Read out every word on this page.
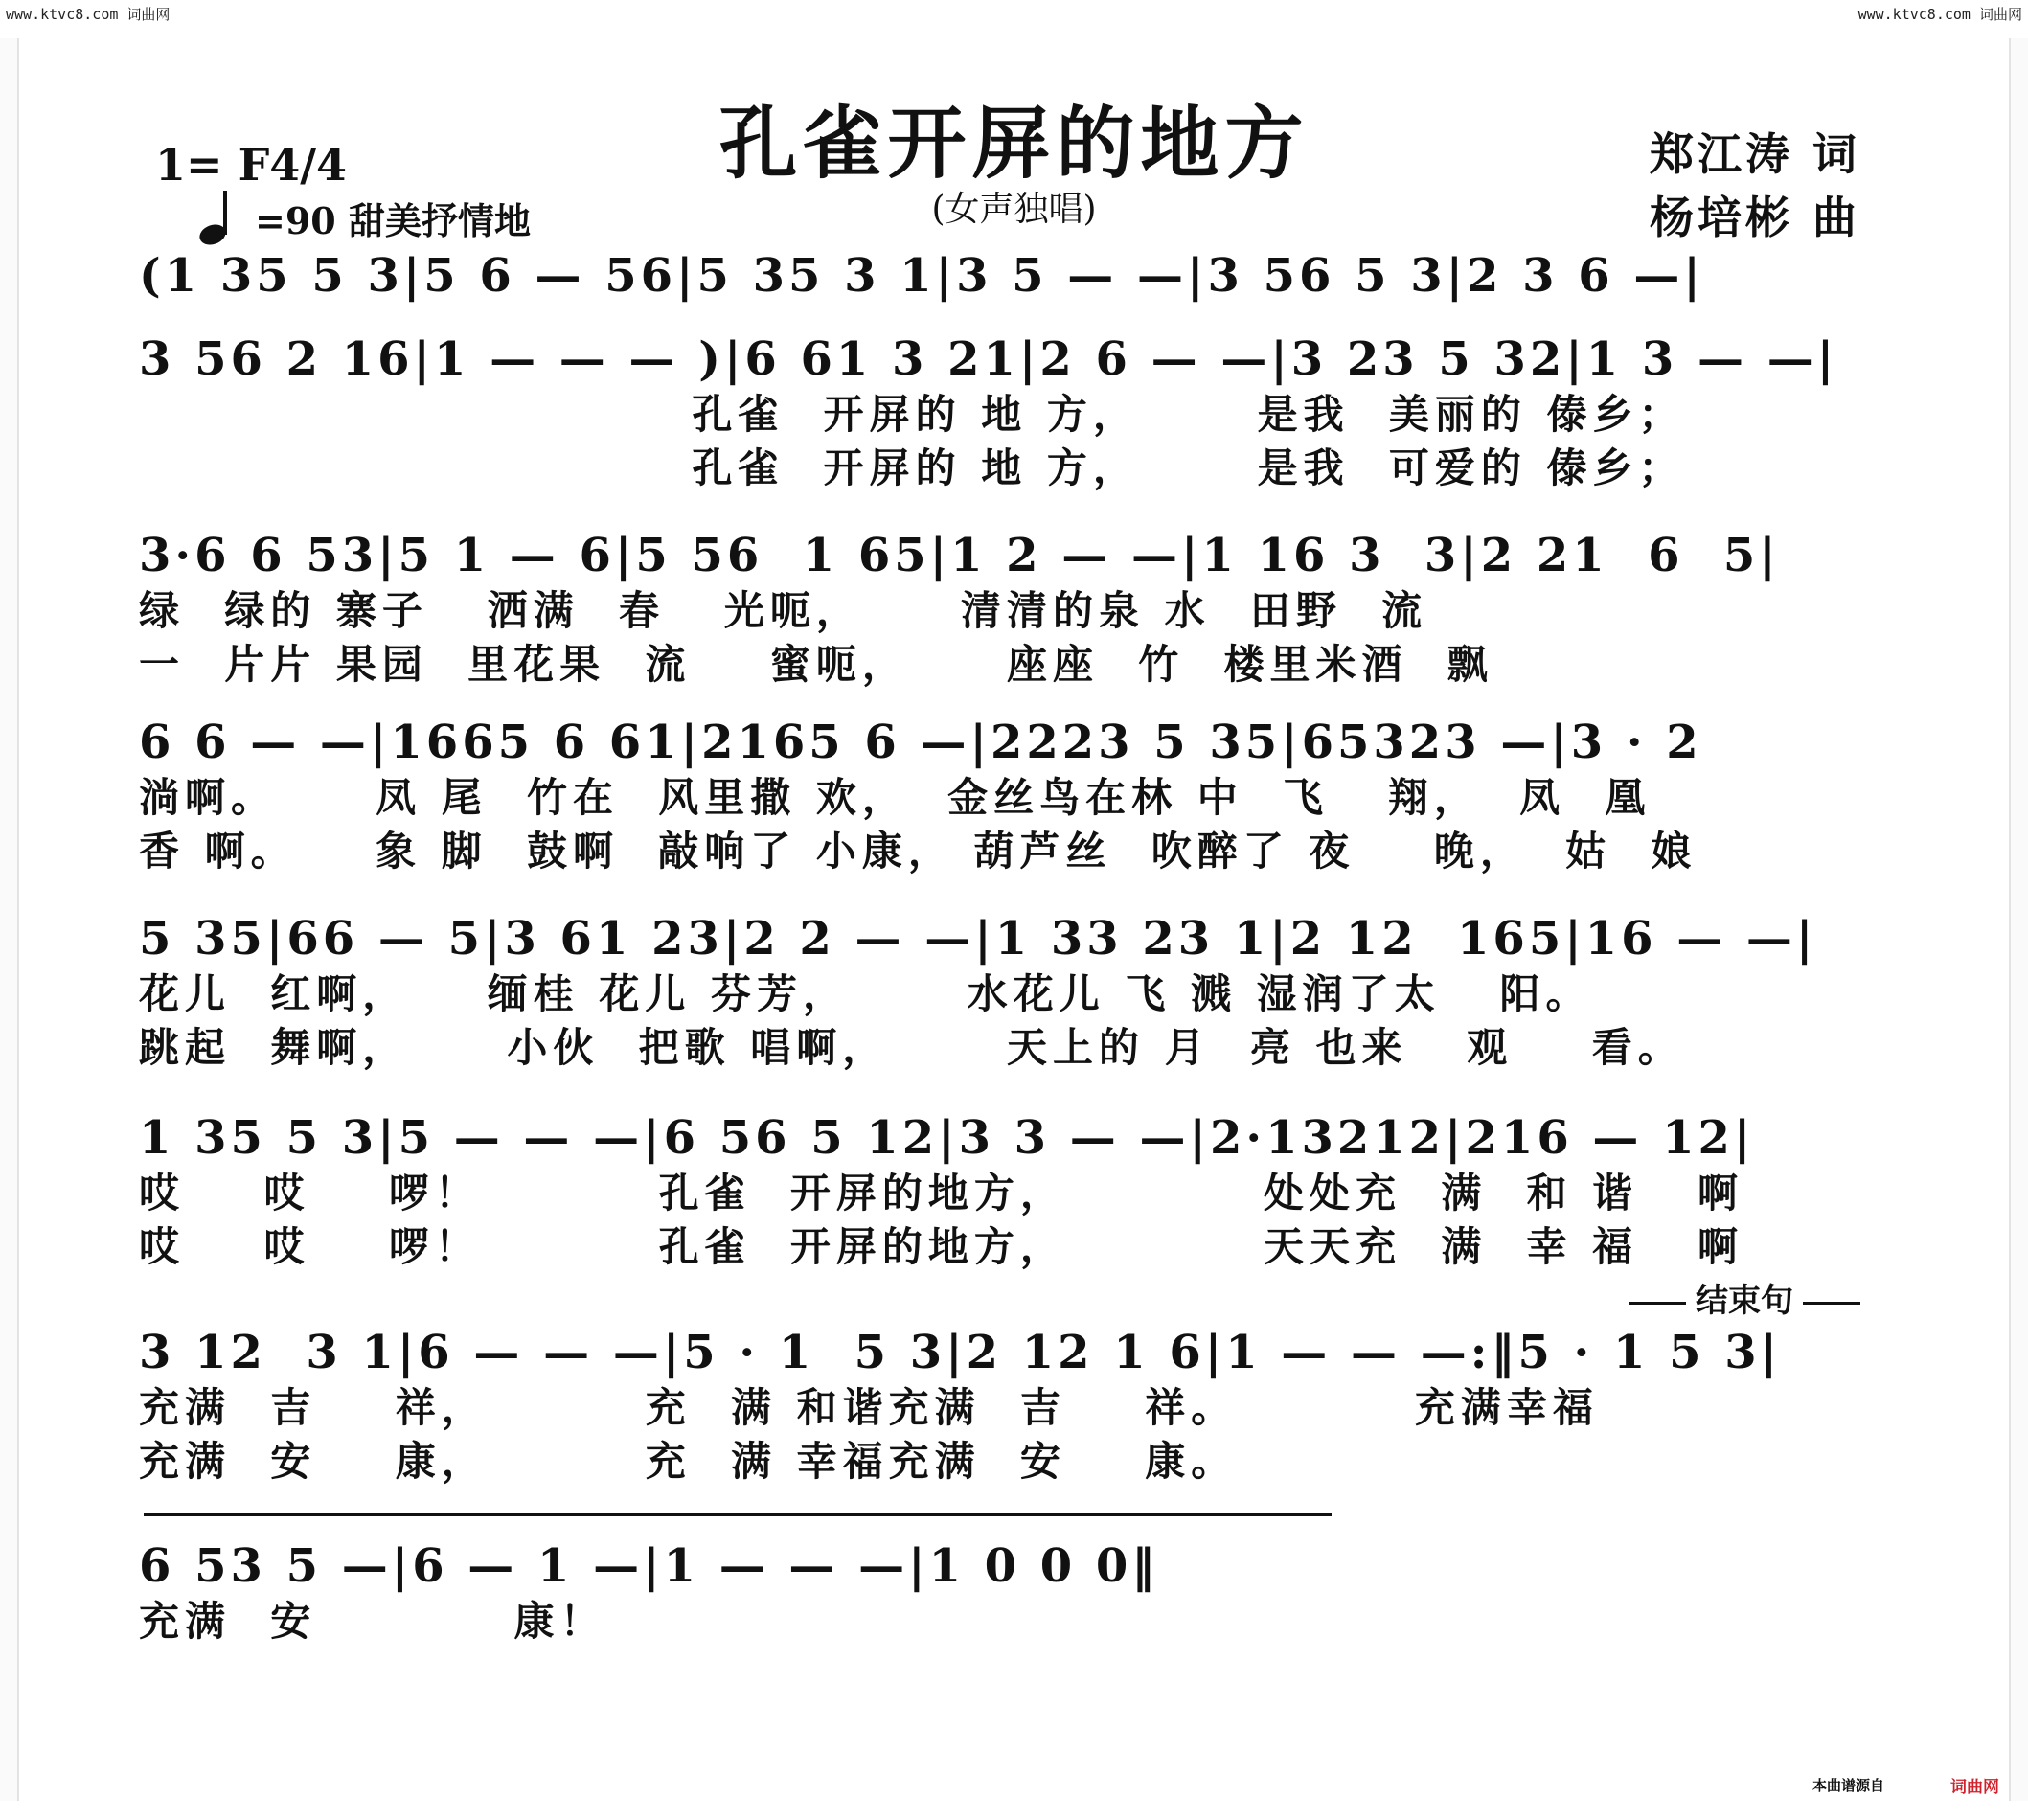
www.ktvc8.com 词曲网	www.ktvc8.com 词曲网
孔雀开屏的地方
(女声独唱)
1= F4/4
=90 甜美抒情地
郑江涛 词
杨培彬 曲
(1 35 5 3|5 6 — 56|5 35 3 1|3 5 — —|3 56 5 3|2 3 6 —|
3 56 2 16|1 — — — )|6 61 3 21|2 6 — —|3 23 5 32|1 3 — —|
孔雀  开屏的 地 方，      是我  美丽的 傣乡；
孔雀  开屏的 地 方，      是我  可爱的 傣乡；
3·6 6 53|5 1 — 6|5 56  1 65|1 2 — —|1 16 3  3|2 21  6  5|
绿  绿的 寨子   洒满  春   光呃，     清清的泉 水  田野  流
一  片片 果园  里花果  流    蜜呃，     座座  竹  楼里米酒  飘
6 6 — —|1665 6 61|2165 6 —|2223 5 35|65323 —|3 · 2
淌啊。     凤 尾  竹在  风里撒 欢，  金丝鸟在林 中  飞   翔，  凤  凰
香 啊。    象 脚  鼓啊  敲响了 小康， 葫芦丝  吹醉了 夜    晚，  姑  娘
5 35|66 — 5|3 61 23|2 2 — —|1 33 23 1|2 12  165|16 — —|
花儿  红啊，    缅桂 花儿 芬芳，      水花儿 飞 溅 湿润了太   阳。
跳起  舞啊，     小伙  把歌 唱啊，      天上的 月  亮 也来   观    看。
1 35 5 3|5 — — —|6 56 5 12|3 3 — —|2·13212|216 — 12|
哎    哎    啰！         孔雀  开屏的地方，          处处充  满  和 谐   啊
哎    哎    啰！         孔雀  开屏的地方，          天天充  满  幸 福   啊
结束句
3 12  3 1|6 — — —|5 · 1  5 3|2 12 1 6|1 — — —:‖5 · 1 5 3|
充满  吉    祥，        充  满 和谐充满  吉    祥。         充满幸福
充满  安    康，        充  满 幸福充满  安    康。
6 53 5 —|6 — 1 —|1 — — —|1 0 0 0‖
充满  安          康！
本曲谱源自	词曲网
